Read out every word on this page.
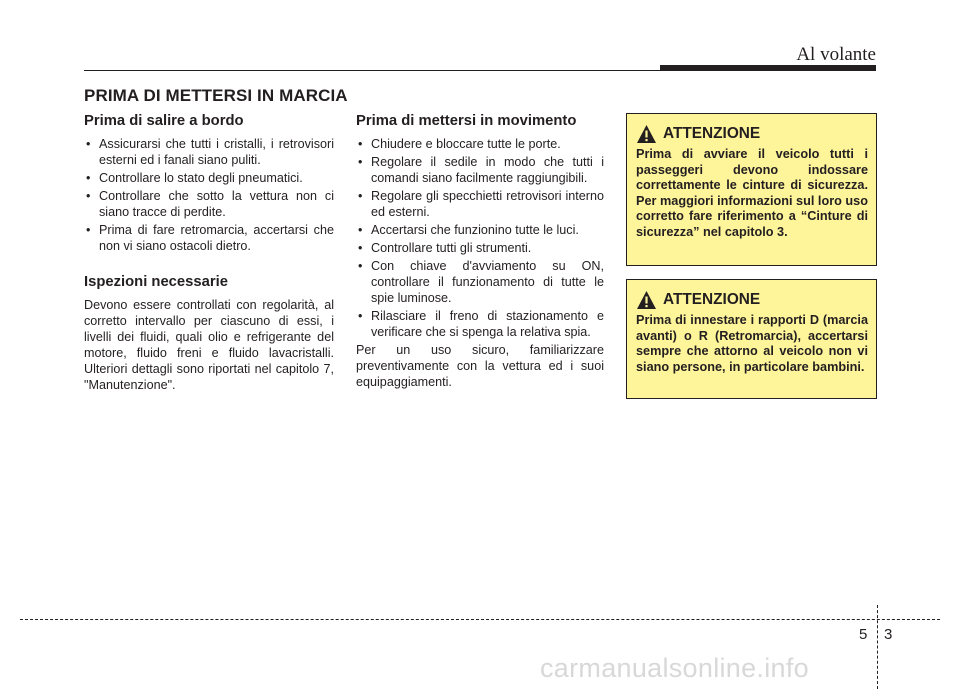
Al volante
PRIMA DI METTERSI IN MARCIA
Prima di salire a bordo
• Assicurarsi che tutti i cristalli, i retrovisori esterni ed i fanali siano puliti.
• Controllare lo stato degli pneumatici.
• Controllare che sotto la vettura non ci siano tracce di perdite.
• Prima di fare retromarcia, accertarsi che non vi siano ostacoli dietro.
Ispezioni necessarie

Devono essere controllati con regolarità, al corretto intervallo per ciascuno di essi, i livelli dei fluidi, quali olio e refrigerante del motore, fluido freni e fluido lavacristalli. Ulteriori dettagli sono riportati nel capitolo 7, "Manutenzione".

Prima di mettersi in movimento
• Chiudere e bloccare tutte le porte.
• Regolare il sedile in modo che tutti i comandi siano facilmente raggiungibili.
• Regolare gli specchietti retrovisori interno ed esterni.
• Accertarsi che funzionino tutte le luci.
• Controllare tutti gli strumenti.
• Con chiave d'avviamento su ON, controllare il funzionamento di tutte le spie luminose.
• Rilasciare il freno di stazionamento e verificare che si spenga la relativa spia.

Per un uso sicuro, familiarizzare preventivamente con la vettura ed i suoi equipaggiamenti.

ATTENZIONE

Prima di avviare il veicolo tutti i passeggeri devono indossare correttamente le cinture di sicurezza. Per maggiori informazioni sul loro uso corretto fare riferimento a “Cinture di sicurezza” nel capitolo 3.

ATTENZIONE

Prima di innestare i rapporti D (marcia avanti) o R (Retromarcia), accertarsi sempre che attorno al veicolo non vi siano persone, in particolare bambini.

5 3
carmanualsonline.info
